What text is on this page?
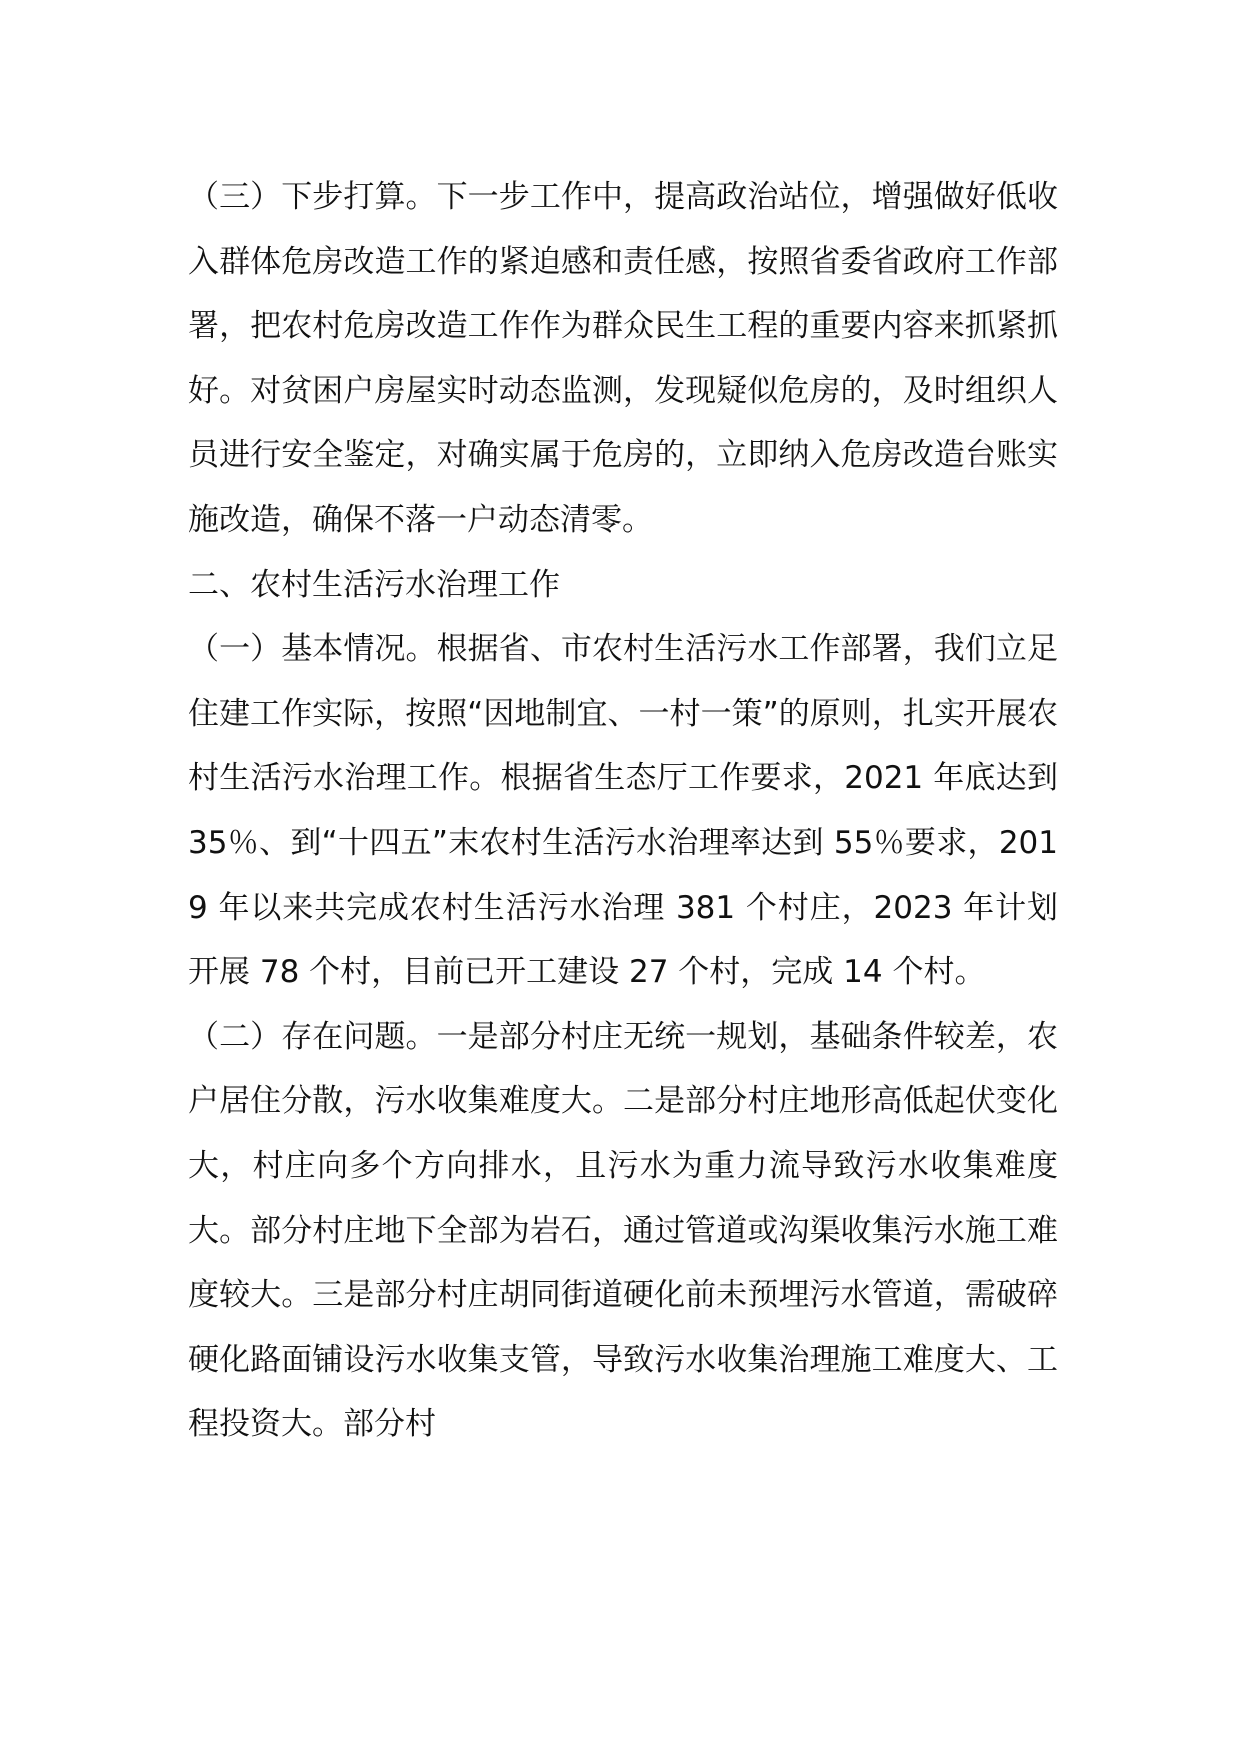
（三）下步打算。下一步工作中，提高政治站位，增强做好低收入群体危房改造工作的紧迫感和责任感，按照省委省政府工作部署，把农村危房改造工作作为群众民生工程的重要内容来抓紧抓好。对贫困户房屋实时动态监测，发现疑似危房的，及时组织人员进行安全鉴定，对确实属于危房的，立即纳入危房改造台账实施改造，确保不落一户动态清零。

二、农村生活污水治理工作

（一）基本情况。根据省、市农村生活污水工作部署，我们立足住建工作实际，按照“因地制宜、一村一策”的原则，扎实开展农村生活污水治理工作。根据省生态厅工作要求，2021 年底达到 35％、到“十四五”末农村生活污水治理率达到 55％要求，2019 年以来共完成农村生活污水治理 381 个村庄，2023 年计划开展 78 个村，目前已开工建设 27 个村，完成 14 个村。

（二）存在问题。一是部分村庄无统一规划，基础条件较差，农户居住分散，污水收集难度大。二是部分村庄地形高低起伏变化大，村庄向多个方向排水，且污水为重力流导致污水收集难度大。部分村庄地下全部为岩石，通过管道或沟渠收集污水施工难度较大。三是部分村庄胡同街道硬化前未预埋污水管道，需破碎硬化路面铺设污水收集支管，导致污水收集治理施工难度大、工程投资大。部分村
